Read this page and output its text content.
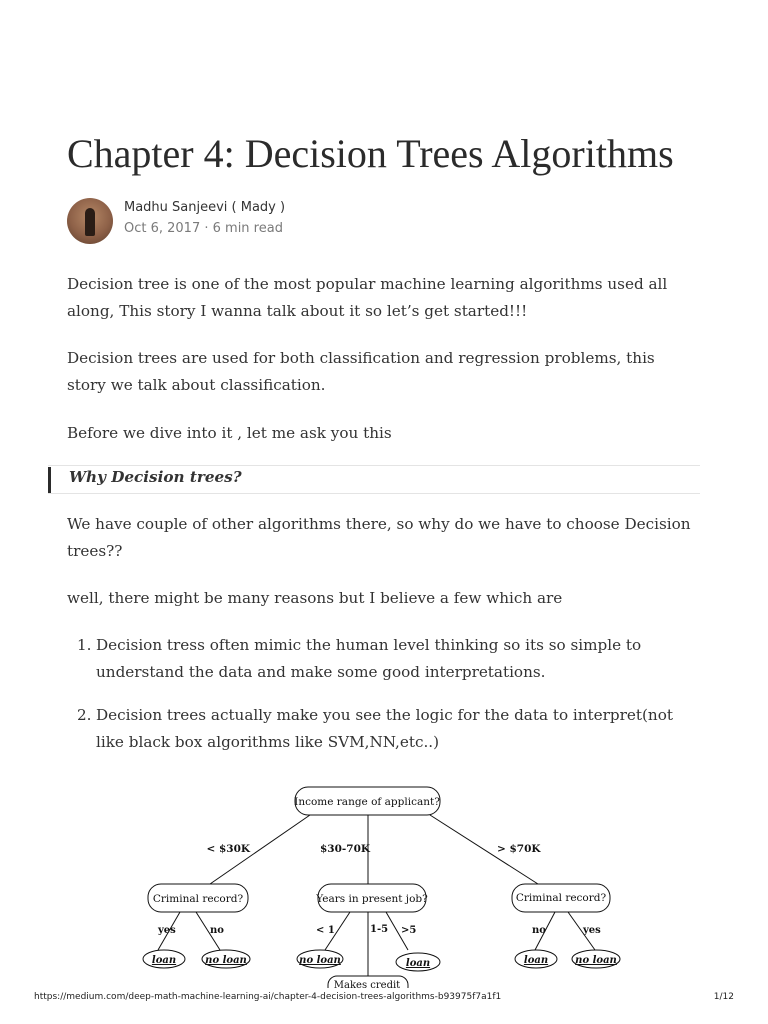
Chapter 4: Decision Trees Algorithms
Madhu Sanjeevi ( Mady )
Oct 6, 2017 · 6 min read

Decision tree is one of the most popular machine learning algorithms used all along, This story I wanna talk about it so let’s get started!!!

Decision trees are used for both classification and regression problems, this story we talk about classification.

Before we dive into it , let me ask you this

Why Decision trees?

We have couple of other algorithms there, so why do we have to choose Decision trees??

well, there might be many reasons but I believe a few which are

1. Decision tress often mimic the human level thinking so its so simple to understand the data and make some good interpretations.

2. Decision trees actually make you see the logic for the data to interpret(not like black box algorithms like SVM,NN,etc..)

Income range of applicant?
< $30K	$30-70K	> $70K
Criminal record?	Years in present job?	Criminal record?
yes	no	< 1	1-5 >5	no	yes
loan	no loan	no loan	loan
Makes credit
loan	no loan
https://medium.com/deep-math-machine-learning-ai/chapter-4-decision-trees-algorithms-b93975f7a1f1	1/12
